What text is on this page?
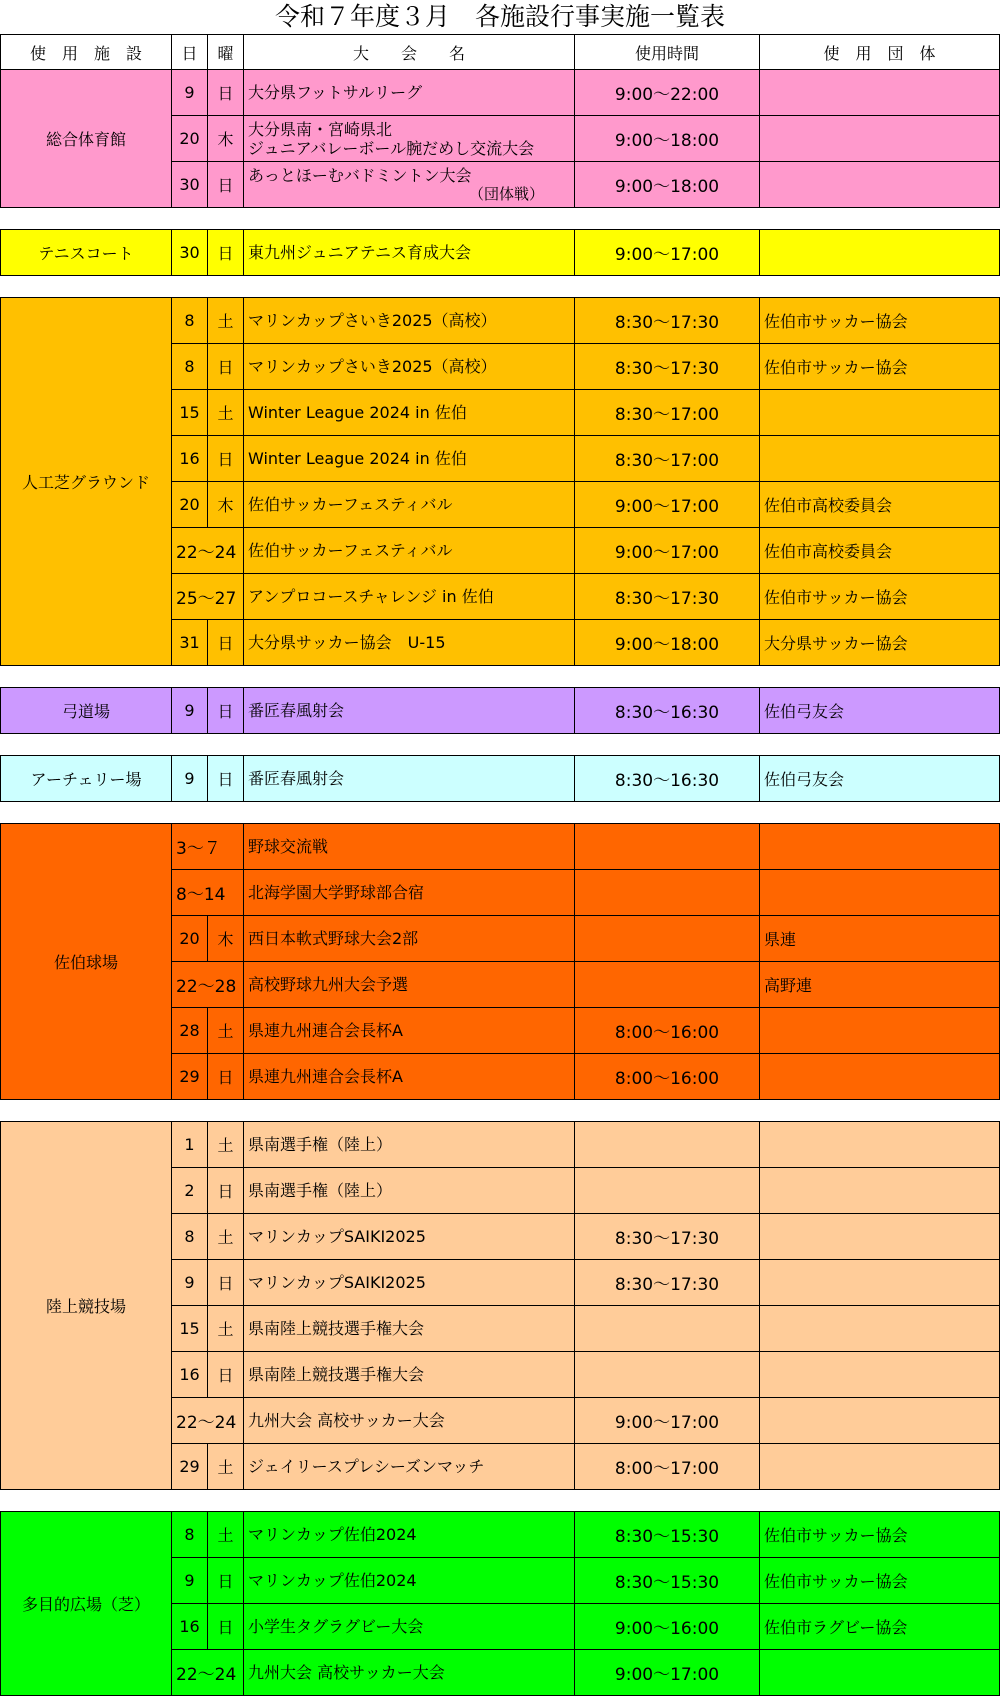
令和７年度３月　各施設行事実施一覧表
使　用　施　設	日	曜	大　　会　　名	使用時間	使　用　団　体
総合体育館	9	日	大分県フットサルリーグ	9:00～22:00	
	20	木	大分県南・宮崎県北
ジュニアバレーボール腕だめし交流大会	9:00～18:00	
	30	日	あっとほーむバドミントン大会
（団体戦）	9:00～18:00	

テニスコート	30	日	東九州ジュニアテニス育成大会	9:00～17:00	

人工芝グラウンド	8	土	マリンカップさいき2025（高校）	8:30～17:30	佐伯市サッカー協会
	8	日	マリンカップさいき2025（高校）	8:30～17:30	佐伯市サッカー協会
	15	土	Winter League 2024 in 佐伯	8:30～17:00	
	16	日	Winter League 2024 in 佐伯	8:30～17:00	
	20	木	佐伯サッカーフェスティバル	9:00～17:00	佐伯市高校委員会
	22～24		佐伯サッカーフェスティバル	9:00～17:00	佐伯市高校委員会
	25～27		アンプロコースチャレンジ in 佐伯	8:30～17:30	佐伯市サッカー協会
	31	日	大分県サッカー協会　U-15	9:00～18:00	大分県サッカー協会

弓道場	9	日	番匠春風射会	8:30～16:30	佐伯弓友会

アーチェリー場	9	日	番匠春風射会	8:30～16:30	佐伯弓友会

佐伯球場	3～７		野球交流戦		
	8～14		北海学園大学野球部合宿		
	20	木	西日本軟式野球大会2部		県連
	22～28		高校野球九州大会予選		高野連
	28	土	県連九州連合会長杯A	8:00～16:00	
	29	日	県連九州連合会長杯A	8:00～16:00	

陸上競技場	1	土	県南選手権（陸上）		
	2	日	県南選手権（陸上）		
	8	土	マリンカップSAIKI2025	8:30～17:30	
	9	日	マリンカップSAIKI2025	8:30～17:30	
	15	土	県南陸上競技選手権大会		
	16	日	県南陸上競技選手権大会		
	22～24		九州大会 高校サッカー大会	9:00～17:00	
	29	土	ジェイリースプレシーズンマッチ	8:00～17:00	

多目的広場（芝）	8	土	マリンカップ佐伯2024	8:30～15:30	佐伯市サッカー協会
	9	日	マリンカップ佐伯2024	8:30～15:30	佐伯市サッカー協会
	16	日	小学生タグラグビー大会	9:00～16:00	佐伯市ラグビー協会
	22～24		九州大会 高校サッカー大会	9:00～17:00	
